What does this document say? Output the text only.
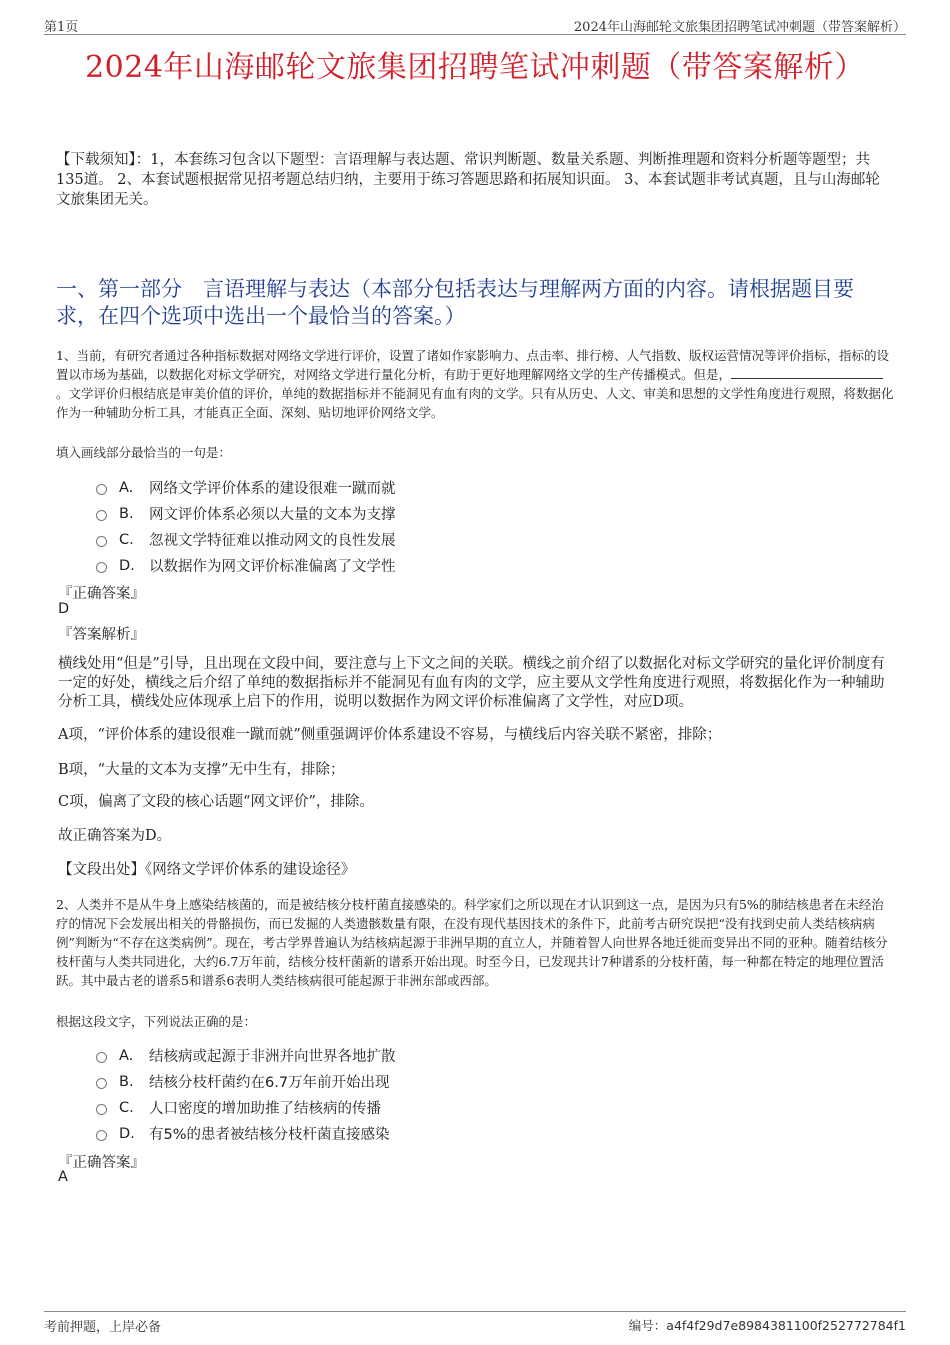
第1页	2024年山海邮轮文旅集团招聘笔试冲刺题（带答案解析）
2024年山海邮轮文旅集团招聘笔试冲刺题（带答案解析）
【下载须知】：1，本套练习包含以下题型：言语理解与表达题、常识判断题、数量关系题、判断推理题和资料分析题等题型；共135道。 2、本套试题根据常见招考题总结归纳，主要用于练习答题思路和拓展知识面。 3、本套试题非考试真题，且与山海邮轮文旅集团无关。
一、第一部分　言语理解与表达（本部分包括表达与理解两方面的内容。请根据题目要求，在四个选项中选出一个最恰当的答案。）
1、当前，有研究者通过各种指标数据对网络文学进行评价，设置了诸如作家影响力、点击率、排行榜、人气指数、版权运营情况等评价指标，指标的设置以市场为基础，以数据化对标文学研究，对网络文学进行量化分析，有助于更好地理解网络文学的生产传播模式。但是，。文学评价归根结底是审美价值的评价，单纯的数据指标并不能洞见有血有肉的文学。只有从历史、人文、审美和思想的文学性角度进行观照，将数据化作为一种辅助分析工具，才能真正全面、深刻、贴切地评价网络文学。
填入画线部分最恰当的一句是：
A.	网络文学评价体系的建设很难一蹴而就
B.	网文评价体系必须以大量的文本为支撑
C.	忽视文学特征难以推动网文的良性发展
D. 以数据作为网文评价标准偏离了文学性
『正确答案』
D
『答案解析』
横线处用“但是”引导，且出现在文段中间，要注意与上下文之间的关联。横线之前介绍了以数据化对标文学研究的量化评价制度有一定的好处，横线之后介绍了单纯的数据指标并不能洞见有血有肉的文学，应主要从文学性角度进行观照，将数据化作为一种辅助分析工具，横线处应体现承上启下的作用，说明以数据作为网文评价标准偏离了文学性，对应D项。
A项，“评价体系的建设很难一蹴而就”侧重强调评价体系建设不容易，与横线后内容关联不紧密，排除；
B项，“大量的文本为支撑”无中生有，排除；
C项，偏离了文段的核心话题“网文评价”，排除。
故正确答案为D。
【文段出处】《网络文学评价体系的建设途径》
2、人类并不是从牛身上感染结核菌的，而是被结核分枝杆菌直接感染的。科学家们之所以现在才认识到这一点，是因为只有5%的肺结核患者在未经治疗的情况下会发展出相关的骨骼损伤，而已发掘的人类遗骸数量有限，在没有现代基因技术的条件下，此前考古研究误把“没有找到史前人类结核病病例”判断为“不存在这类病例”。现在，考古学界普遍认为结核病起源于非洲早期的直立人，并随着智人向世界各地迁徙而变异出不同的亚种。随着结核分枝杆菌与人类共同进化，大约6.7万年前，结核分枝杆菌新的谱系开始出现。时至今日，已发现共计7种谱系的分枝杆菌，每一种都在特定的地理位置活跃。其中最古老的谱系5和谱系6表明人类结核病很可能起源于非洲东部或西部。
根据这段文字，下列说法正确的是：
A.	结核病或起源于非洲并向世界各地扩散
B.	结核分枝杆菌约在6.7万年前开始出现
C.	人口密度的增加助推了结核病的传播
D. 有5%的患者被结核分枝杆菌直接感染
『正确答案』
A
考前押题，上岸必备	编号：a4f4f29d7e8984381100f252772784f1
